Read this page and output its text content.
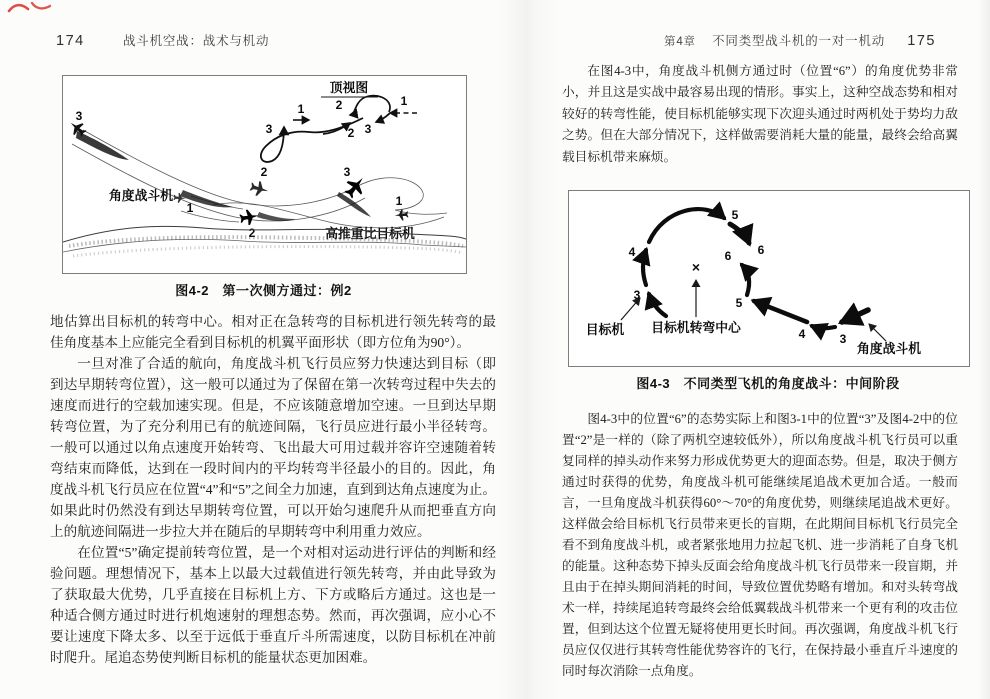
174	战斗机空战：战术与机动	第4章 不同类型战斗机的一对一机动 175
顶视图
1
2
3
2
3
1
3
1
2
2
3
1
角度战斗机
高推重比目标机
图4-2　第一次侧方通过：例2

地估算出目标机的转弯中心。相对正在急转弯的目标机进行领先转弯的最佳角度基本上应能完全看到目标机的机翼平面形状（即方位角为90°）。

一旦对准了合适的航向，角度战斗机飞行员应努力快速达到目标（即到达早期转弯位置），这一般可以通过为了保留在第一次转弯过程中失去的速度而进行的空载加速实现。但是，不应该随意增加空速。一旦到达早期转弯位置，为了充分利用已有的航迹间隔，飞行员应进行最小半径转弯。一般可以通过以角点速度开始转弯、飞出最大可用过载并容许空速随着转弯结束而降低，达到在一段时间内的平均转弯半径最小的目的。因此，角度战斗机飞行员应在位置“4”和“5”之间全力加速，直到到达角点速度为止。如果此时仍然没有到达早期转弯位置，可以开始匀速爬升从而把垂直方向上的航迹间隔进一步拉大并在随后的早期转弯中利用重力效应。

在位置“5”确定提前转弯位置，是一个对相对运动进行评估的判断和经验问题。理想情况下，基本上以最大过载值进行领先转弯，并由此导致为了获取最大优势，几乎直接在目标机上方、下方或略后方通过。这也是一种适合侧方通过时进行机炮速射的理想态势。然而，再次强调，应小心不要让速度下降太多、以至于远低于垂直斤斗所需速度，以防目标机在冲前时爬升。尾追态势使判断目标机的能量状态更加困难。

在图4-3中，角度战斗机侧方通过时（位置“6”）的角度优势非常小，并且这是实战中最容易出现的情形。事实上，这种空战态势和相对较好的转弯性能，使目标机能够实现下次迎头通过时两机处于势均力敌之势。但在大部分情况下，这样做需要消耗大量的能量，最终会给高翼载目标机带来麻烦。

3
4
5
6
×
3
4
5
6
目标机 目标机转弯中心
角度战斗机
图4-3　不同类型飞机的角度战斗：中间阶段

图4-3中的位置“6”的态势实际上和图3-1中的位置“3”及图4-2中的位置“2”是一样的（除了两机空速较低外），所以角度战斗机飞行员可以重复同样的掉头动作来努力形成优势更大的迎面态势。但是，取决于侧方通过时获得的优势，角度战斗机可能继续尾追战术更加合适。一般而言，一旦角度战斗机获得60°～70°的角度优势，则继续尾追战术更好。这样做会给目标机飞行员带来更长的盲期，在此期间目标机飞行员完全看不到角度战斗机，或者紧张地用力拉起飞机、进一步消耗了自身飞机的能量。这种态势下掉头反面会给角度战斗机飞行员带来一段盲期，并且由于在掉头期间消耗的时间，导致位置优势略有增加。和对头转弯战术一样，持续尾追转弯最终会给低翼载战斗机带来一个更有利的攻击位置，但到达这个位置无疑将使用更长时间。再次强调，角度战斗机飞行员应仅仅进行其转弯性能优势容许的飞行，在保持最小垂直斤斗速度的同时每次消除一点角度。
